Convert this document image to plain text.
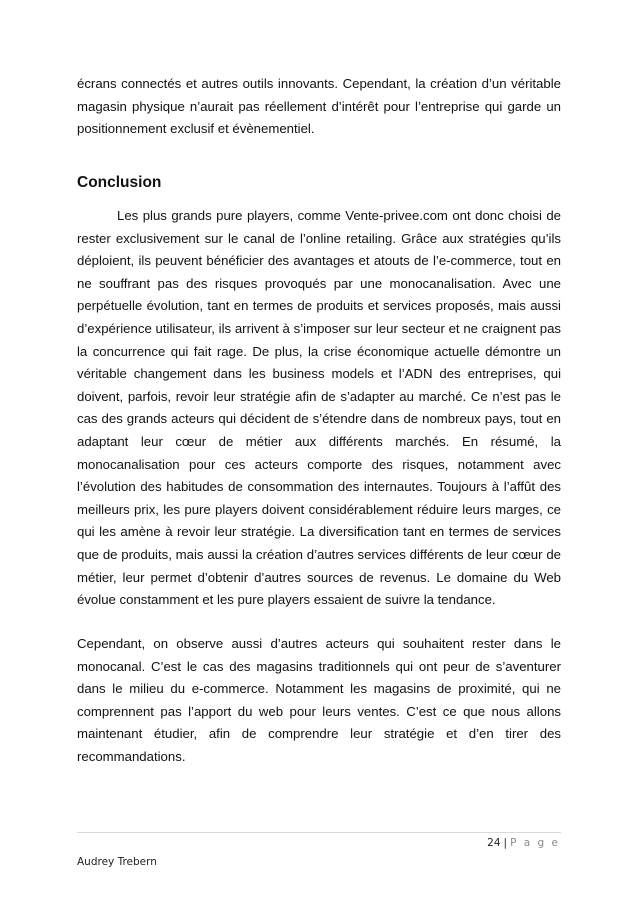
écrans connectés et autres outils innovants. Cependant, la création d’un véritable magasin physique n’aurait pas réellement d’intérêt pour l’entreprise qui garde un positionnement exclusif et évènementiel.

Conclusion

Les plus grands pure players, comme Vente-privee.com ont donc choisi de rester exclusivement sur le canal de l’online retailing. Grâce aux stratégies qu’ils déploient, ils peuvent bénéficier des avantages et atouts de l’e-commerce, tout en ne souffrant pas des risques provoqués par une monocanalisation. Avec une perpétuelle évolution, tant en termes de produits et services proposés, mais aussi d’expérience utilisateur, ils arrivent à s’imposer sur leur secteur et ne craignent pas la concurrence qui fait rage. De plus, la crise économique actuelle démontre un véritable changement dans les business models et l’ADN des entreprises, qui doivent, parfois, revoir leur stratégie afin de s’adapter au marché. Ce n’est pas le cas des grands acteurs qui décident de s’étendre dans de nombreux pays, tout en adaptant leur cœur de métier aux différents marchés. En résumé, la monocanalisation pour ces acteurs comporte des risques, notamment avec l’évolution des habitudes de consommation des internautes. Toujours à l’affût des meilleurs prix, les pure players doivent considérablement réduire leurs marges, ce qui les amène à revoir leur stratégie. La diversification tant en termes de services que de produits, mais aussi la création d’autres services différents de leur cœur de métier, leur permet d’obtenir d’autres sources de revenus. Le domaine du Web évolue constamment et les pure players essaient de suivre la tendance.

Cependant, on observe aussi d’autres acteurs qui souhaitent rester dans le monocanal. C’est le cas des magasins traditionnels qui ont peur de s’aventurer dans le milieu du e-commerce. Notamment les magasins de proximité, qui ne comprennent pas l’apport du web pour leurs ventes. C’est ce que nous allons maintenant étudier, afin de comprendre leur stratégie et d’en tirer des recommandations.

24 | P a g e
Audrey Trebern
